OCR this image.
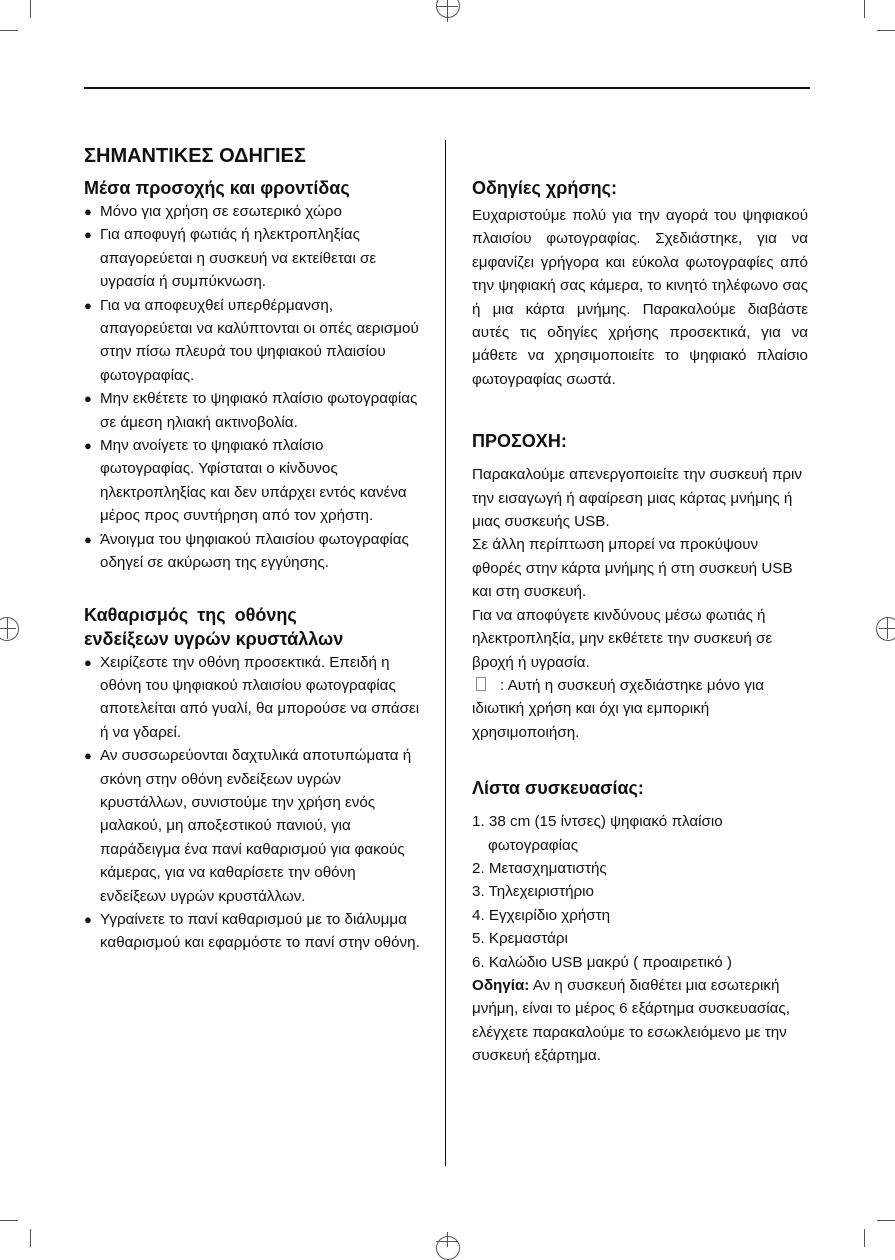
ΣΗΜΑΝΤΙΚΕΣ ΟΔΗΓΙΕΣ
Μέσα προσοχής και φροντίδας
● Μόνο για χρήση σε εσωτερικό χώρο
● Για αποφυγή φωτιάς ή ηλεκτροπληξίας απαγορεύεται η συσκευή να εκτείθεται σε υγρασία ή συμπύκνωση.
● Για να αποφευχθεί υπερθέρμανση, απαγορεύεται να καλύπτονται οι οπές αερισμού στην πίσω πλευρά του ψηφιακού πλαισίου φωτογραφίας.
● Μην εκθέτετε το ψηφιακό πλαίσιο φωτογραφίας σε άμεση ηλιακή ακτινοβολία.
● Μην ανοίγετε το ψηφιακό πλαίσιο φωτογραφίας. Υφίσταται ο κίνδυνος ηλεκτροπληξίας και δεν υπάρχει εντός κανένα μέρος προς συντήρηση από τον χρήστη.
● Άνοιγμα του ψηφιακού πλαισίου φωτογραφίας οδηγεί σε ακύρωση της εγγύησης.
Καθαρισμός της οθόνης
ενδείξεων υγρών κρυστάλλων
● Χειρίζεστε την οθόνη προσεκτικά. Επειδή η οθόνη του ψηφιακού πλαισίου φωτογραφίας αποτελείται από γυαλί, θα μπορούσε να σπάσει ή να γδαρεί.
● Αν συσσωρεύονται δαχτυλικά αποτυπώματα ή σκόνη στην οθόνη ενδείξεων υγρών κρυστάλλων, συνιστούμε την χρήση ενός μαλακού, μη αποξεστικού πανιού, για παράδειγμα ένα πανί καθαρισμού για φακούς κάμερας, για να καθαρίσετε την οθόνη ενδείξεων υγρών κρυστάλλων.
● Υγραίνετε το πανί καθαρισμού με το διάλυμμα καθαρισμού και εφαρμόστε το πανί στην οθόνη.
Οδηγίες χρήσης:

Ευχαριστούμε πολύ για την αγορά του ψηφιακού πλαισίου φωτογραφίας. Σχεδιάστηκε, για να εμφανίζει γρήγορα και εύκολα φωτογραφίες από την ψηφιακή σας κάμερα, το κινητό τηλέφωνο σας ή μια κάρτα μνήμης. Παρακαλούμε διαβάστε αυτές τις οδηγίες χρήσης προσεκτικά, για να μάθετε να χρησιμοποιείτε το ψηφιακό πλαίσιο φωτογραφίας σωστά.

ΠΡΟΣΟΧΗ:

Παρακαλούμε απενεργοποιείτε την συσκευή πριν την εισαγωγή ή αφαίρεση μιας κάρτας μνήμης ή μιας συσκευής USB.

Σε άλλη περίπτωση μπορεί να προκύψουν φθορές στην κάρτα μνήμης ή στη συσκευή USB και στη συσκευή.

Για να αποφύγετε κινδύνους μέσω φωτιάς ή ηλεκτροπληξία, μην εκθέτετε την συσκευή σε βροχή ή υγρασία.

: Αυτή η συσκευή σχεδιάστηκε μόνο για ιδιωτική χρήση και όχι για εμπορική χρησιμοποιήση.

Λίστα συσκευασίας:
1. 38 cm (15 ίντσες) ψηφιακό πλαίσιο φωτογραφίας
2. Μετασχηματιστής
3. Τηλεχειριστήριο
4. Εγχειρίδιο χρήστη
5. Κρεμαστάρι
6. Καλώδιο USB μακρύ ( προαιρετικό )

Οδηγία: Αν η συσκευή διαθέτει μια εσωτερική μνήμη, είναι το μέρος 6 εξάρτημα συσκευασίας, ελέγχετε παρακαλούμε το εσωκλειόμενο με την συσκευή εξάρτημα.
